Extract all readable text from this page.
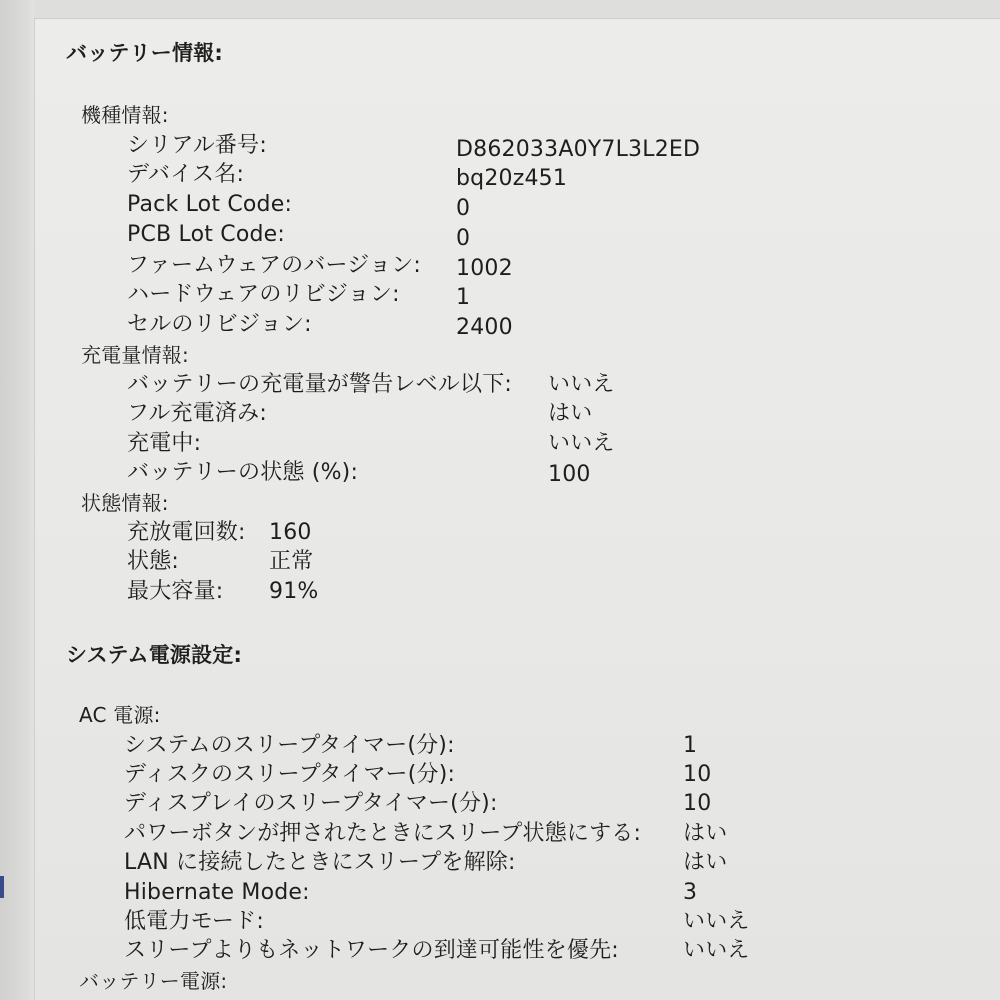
バッテリー情報:
機種情報:
シリアル番号:	D862033A0Y7L3L2ED
デバイス名:	bq20z451
Pack Lot Code:	0
PCB Lot Code:	0
ファームウェアのバージョン: 1002
ハードウェアのリビジョン:	1
セルのリビジョン:	2400
充電量情報:
バッテリーの充電量が警告レベル以下: いいえ
フル充電済み:	はい
充電中:	いいえ
バッテリーの状態 (%):	100
状態情報:
充放電回数: 160
状態:	正常
最大容量: 91%
システム電源設定:
AC 電源:
システムのスリープタイマー(分):	1
ディスクのスリープタイマー(分):	10
ディスプレイのスリープタイマー(分):	10
パワーボタンが押されたときにスリープ状態にする: はい
LAN に接続したときにスリープを解除:	はい
Hibernate Mode:	3
低電力モード:	いいえ
スリープよりもネットワークの到達可能性を優先:	いいえ
バッテリー電源:
